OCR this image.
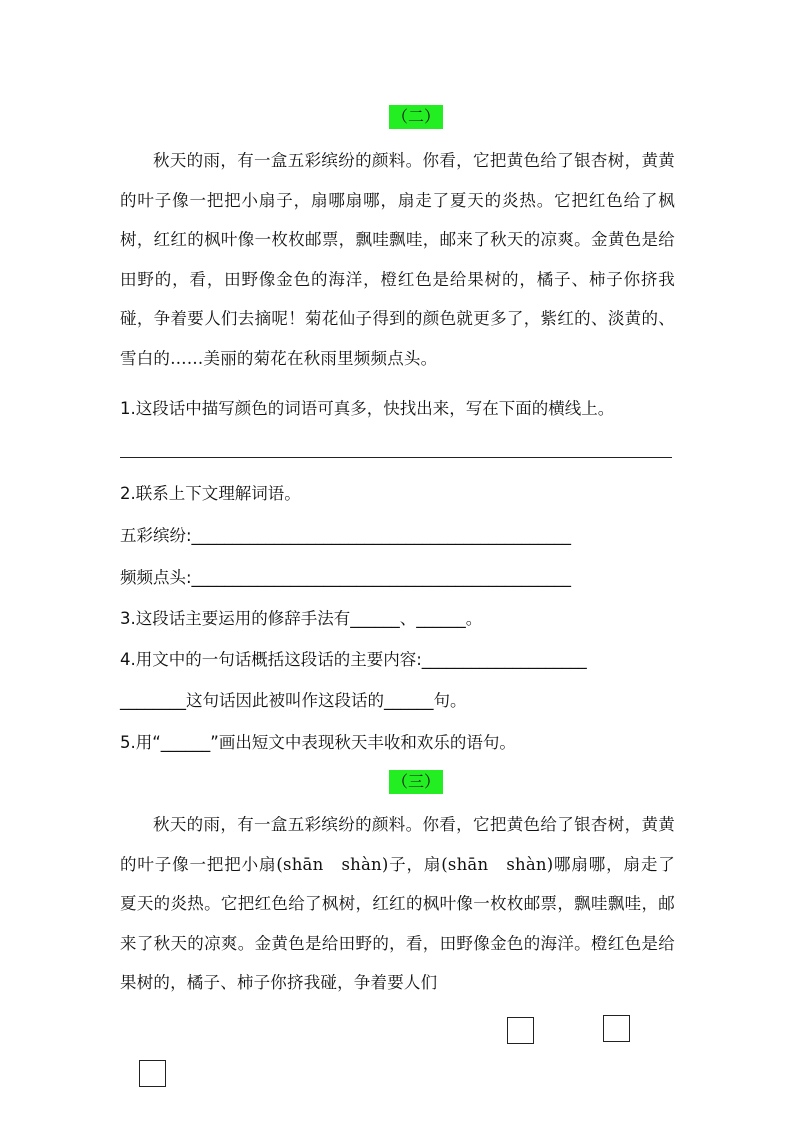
（二）
秋天的雨，有一盒五彩缤纷的颜料。你看，它把黄色给了银杏树，黄黄的叶子像一把把小扇子，扇哪扇哪，扇走了夏天的炎热。它把红色给了枫树，红红的枫叶像一枚枚邮票，飘哇飘哇，邮来了秋天的凉爽。金黄色是给田野的，看，田野像金色的海洋，橙红色是给果树的，橘子、柿子你挤我碰，争着要人们去摘呢！菊花仙子得到的颜色就更多了，紫红的、淡黄的、雪白的……美丽的菊花在秋雨里频频点头。
1.这段话中描写颜色的词语可真多，快找出来，写在下面的横线上。
2.联系上下文理解词语。
五彩缤纷:______________________________________________
频频点头:______________________________________________
3.这段话主要运用的修辞手法有______、______。
4.用文中的一句话概括这段话的主要内容:____________________
________这句话因此被叫作这段话的______句。
5.用“______”画出短文中表现秋天丰收和欢乐的语句。
（三）
秋天的雨，有一盒五彩缤纷的颜料。你看，它把黄色给了银杏树，黄黄的叶子像一把把小扇(shān　shàn)子，扇(shān　shàn)哪扇哪，扇走了夏天的炎热。它把红色给了枫树，红红的枫叶像一枚枚邮票，飘哇飘哇，邮来了秋天的凉爽。金黄色是给田野的，看，田野像金色的海洋。橙红色是给果树的，橘子、柿子你挤我碰，争着要人们
